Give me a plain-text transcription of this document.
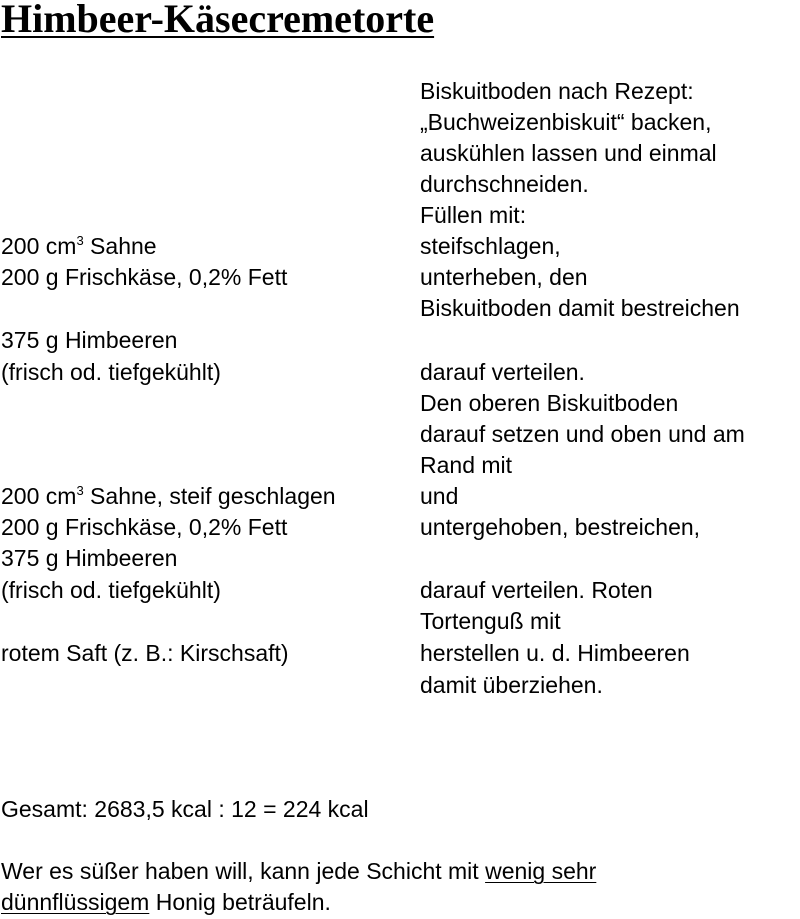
Himbeer-Käsecremetorte
Biskuitboden nach Rezept:
„Buchweizenbiskuit“ backen,
auskühlen lassen und einmal
durchschneiden.
Füllen mit:
steifschlagen,
unterheben, den
Biskuitboden damit bestreichen
darauf verteilen.
Den oberen Biskuitboden
darauf setzen und oben und am
Rand mit
und
untergehoben, bestreichen,
darauf verteilen. Roten
Tortenguß mit
herstellen u. d. Himbeeren
damit überziehen.
200 $cm^3$ Sahne
200 g Frischkäse, 0,2% Fett
375 g Himbeeren
(frisch od. tiefgekühlt)
200 $cm^3$ Sahne, steif geschlagen
200 g Frischkäse, 0,2% Fett
375 g Himbeeren
(frisch od. tiefgekühlt)
rotem Saft (z. B.: Kirschsaft)
Gesamt: 2683,5 kcal : 12 = 224 kcal
Wer es süßer haben will, kann jede Schicht mit wenig sehr
dünnflüssigem Honig beträufeln.
